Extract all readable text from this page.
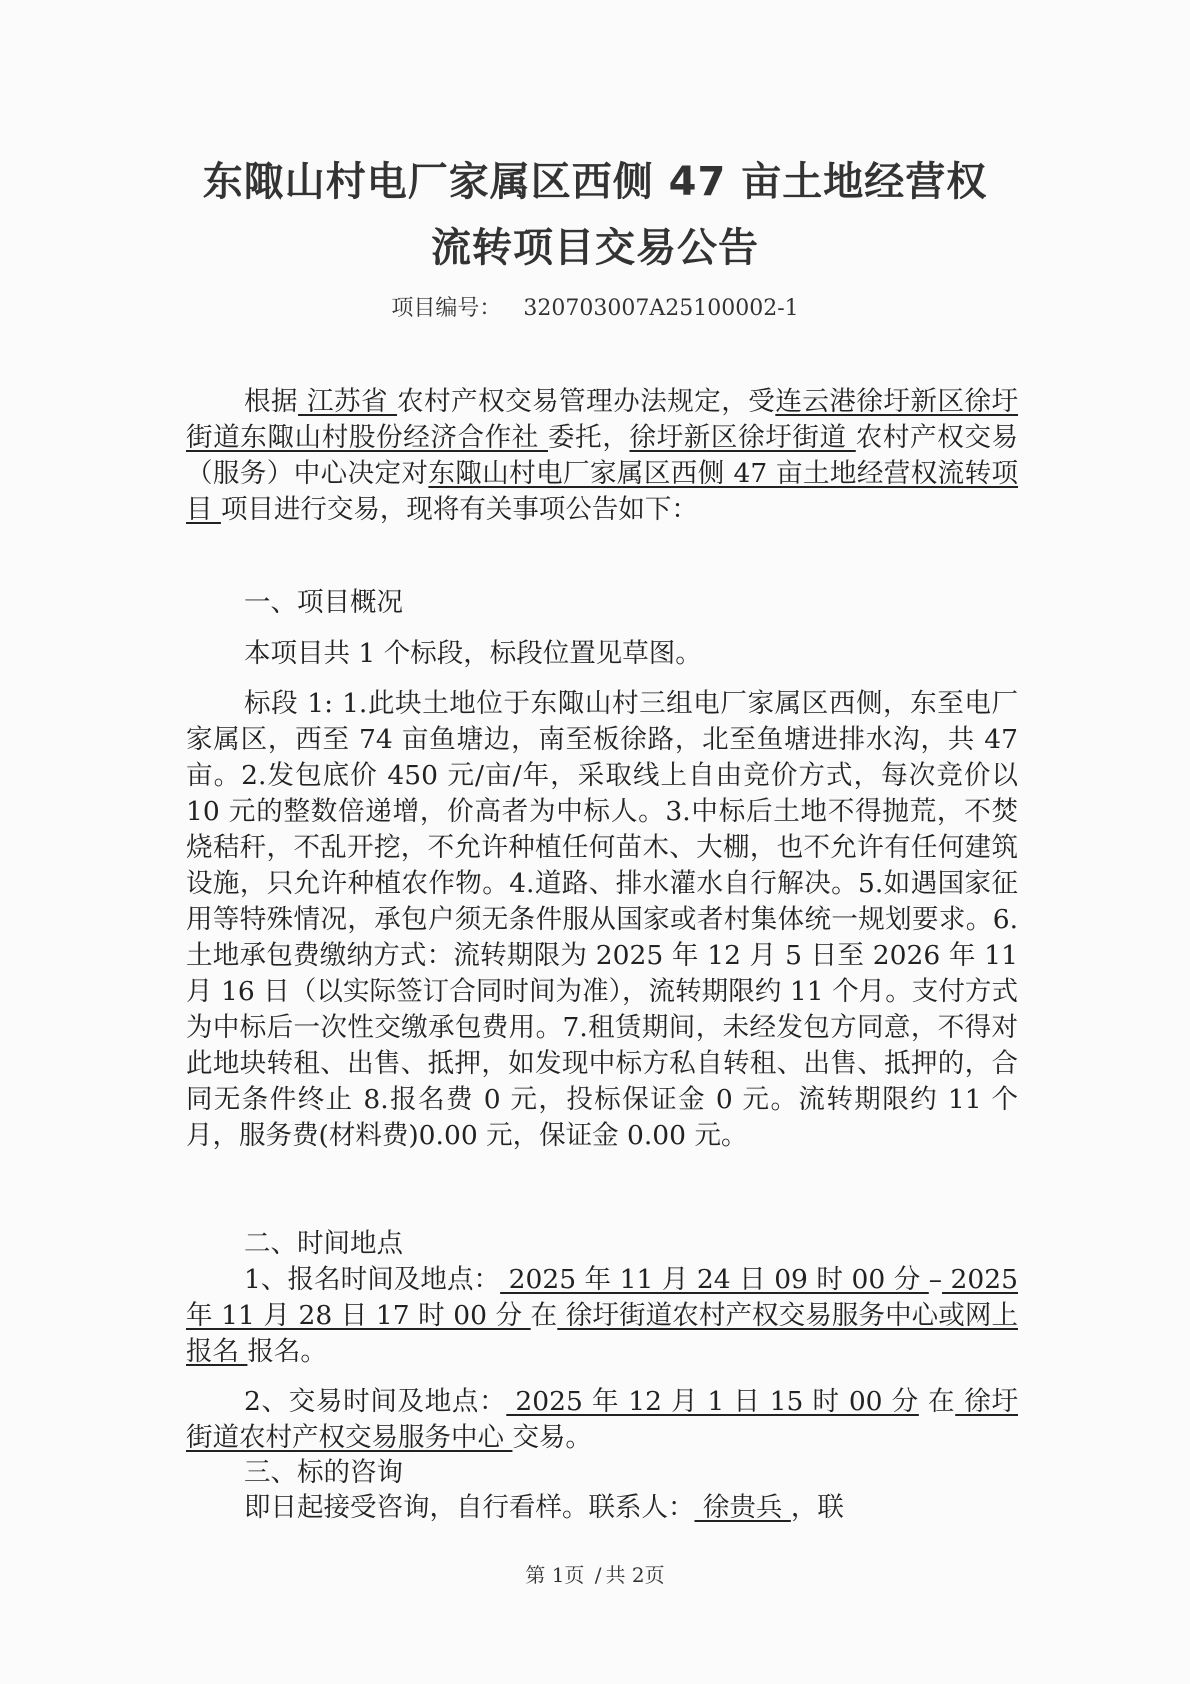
东陬山村电厂家属区西侧 47 亩土地经营权
流转项目交易公告
项目编号： 320703007A25100002-1

根据 江苏省 农村产权交易管理办法规定，受连云港徐圩新区徐圩街道东陬山村股份经济合作社 委托，徐圩新区徐圩街道 农村产权交易（服务）中心决定对东陬山村电厂家属区西侧 47 亩土地经营权流转项目 项目进行交易，现将有关事项公告如下：

一、项目概况

本项目共 1 个标段，标段位置见草图。

标段 1: 1.此块土地位于东陬山村三组电厂家属区西侧，东至电厂家属区，西至 74 亩鱼塘边，南至板徐路，北至鱼塘进排水沟，共 47 亩。2.发包底价 450 元/亩/年，采取线上自由竞价方式，每次竞价以 10 元的整数倍递增，价高者为中标人。3.中标后土地不得抛荒，不焚烧秸秆，不乱开挖，不允许种植任何苗木、大棚，也不允许有任何建筑设施，只允许种植农作物。4.道路、排水灌水自行解决。5.如遇国家征用等特殊情况，承包户须无条件服从国家或者村集体统一规划要求。6.土地承包费缴纳方式：流转期限为 2025 年 12 月 5 日至 2026 年 11 月 16 日（以实际签订合同时间为准），流转期限约 11 个月。支付方式为中标后一次性交缴承包费用。7.租赁期间，未经发包方同意，不得对此地块转租、出售、抵押，如发现中标方私自转租、出售、抵押的，合同无条件终止 8.报名费 0 元，投标保证金 0 元。流转期限约 11 个月，服务费(材料费)0.00 元，保证金 0.00 元。

二、时间地点

1、报名时间及地点： 2025 年 11 月 24 日 09 时 00 分 – 2025 年 11 月 28 日 17 时 00 分 在 徐圩街道农村产权交易服务中心或网上报名 报名。

2、交易时间及地点： 2025 年 12 月 1 日 15 时 00 分 在 徐圩街道农村产权交易服务中心 交易。

三、标的咨询

即日起接受咨询，自行看样。联系人： 徐贵兵 ，联

第 1页 / 共 2页
